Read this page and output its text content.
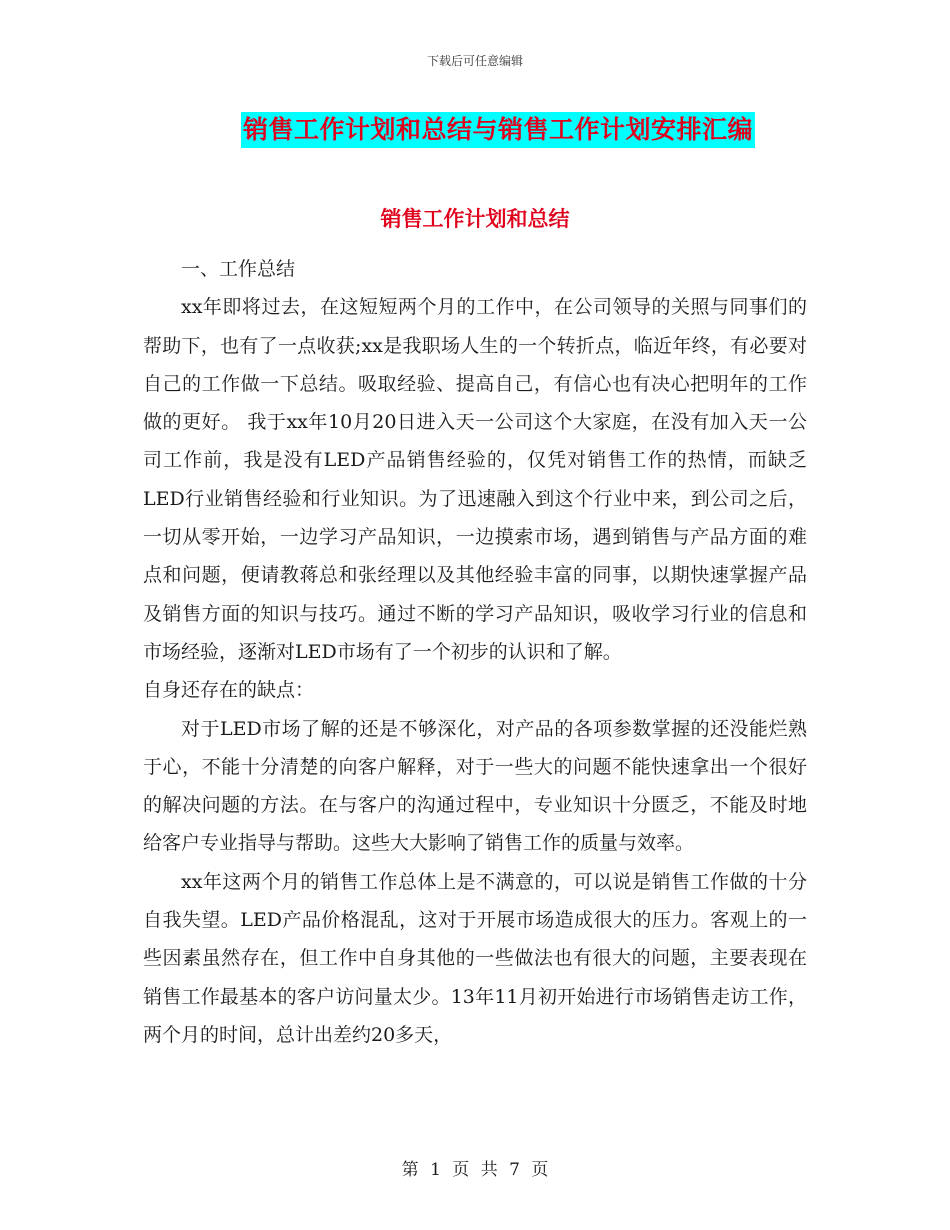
下载后可任意编辑
销售工作计划和总结与销售工作计划安排汇编
销售工作计划和总结

一、工作总结

xx年即将过去，在这短短两个月的工作中，在公司领导的关照与同事们的帮助下，也有了一点收获;xx是我职场人生的一个转折点，临近年终，有必要对自己的工作做一下总结。吸取经验、提高自己，有信心也有决心把明年的工作做的更好。 我于xx年10月20日进入天一公司这个大家庭，在没有加入天一公司工作前，我是没有LED产品销售经验的，仅凭对销售工作的热情，而缺乏LED行业销售经验和行业知识。为了迅速融入到这个行业中来，到公司之后，一切从零开始，一边学习产品知识，一边摸索市场，遇到销售与产品方面的难点和问题，便请教蒋总和张经理以及其他经验丰富的同事，以期快速掌握产品及销售方面的知识与技巧。通过不断的学习产品知识，吸收学习行业的信息和市场经验，逐渐对LED市场有了一个初步的认识和了解。

自身还存在的缺点：

对于LED市场了解的还是不够深化，对产品的各项参数掌握的还没能烂熟于心，不能十分清楚的向客户解释，对于一些大的问题不能快速拿出一个很好的解决问题的方法。在与客户的沟通过程中，专业知识十分匮乏，不能及时地给客户专业指导与帮助。这些大大影响了销售工作的质量与效率。

xx年这两个月的销售工作总体上是不满意的，可以说是销售工作做的十分自我失望。LED产品价格混乱，这对于开展市场造成很大的压力。客观上的一些因素虽然存在，但工作中自身其他的一些做法也有很大的问题，主要表现在销售工作最基本的客户访问量太少。13年11月初开始进行市场销售走访工作，两个月的时间，总计出差约20多天，

第 1 页 共 7 页
